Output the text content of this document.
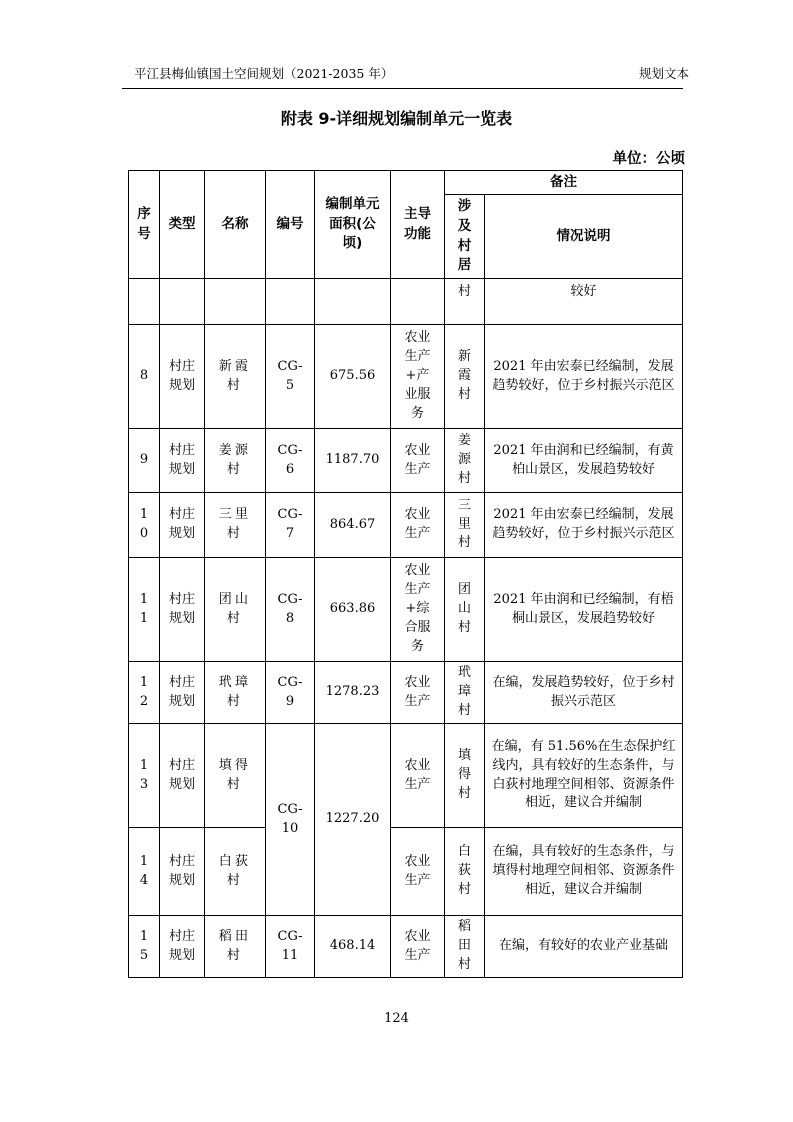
平江县梅仙镇国土空间规划（2021-2035 年）	规划文本
附表 9-详细规划编制单元一览表
单位：公顷
序号	类型	名称	编号	编制单元面积(公顷)	主导功能	备注	

						涉及村居	情况说明
						村	较好

8	村庄规划	新霞村	CG-5	675.56	农业生产+产业服务	新霞村	2021 年由宏泰已经编制，发展趋势较好，位于乡村振兴示范区

9	村庄规划	姜源村	CG-6	1187.70	农业生产	姜源村	2021 年由润和已经编制，有黄柏山景区，发展趋势较好

10	村庄规划	三里村	CG-7	864.67	农业生产	三里村	2021 年由宏泰已经编制，发展趋势较好，位于乡村振兴示范区

11	村庄规划	团山村	CG-8	663.86	农业生产+综合服务	团山村	2021 年由润和已经编制，有梧桐山景区，发展趋势较好

12	村庄规划	玳璋村	CG-9	1278.23	农业生产	玳璋村	在编，发展趋势较好，位于乡村振兴示范区

13	村庄规划	填得村	CG-10	1227.20	农业生产	填得村	在编，有 51.56%在生态保护红线内，具有较好的生态条件，与白荻村地理空间相邻、资源条件相近，建议合并编制

14	村庄规划	白荻村			农业生产	白荻村	在编，具有较好的生态条件，与填得村地理空间相邻、资源条件相近，建议合并编制

15	村庄规划	稻田村	CG-11	468.14	农业生产	稻田村	在编，有较好的农业产业基础
124
